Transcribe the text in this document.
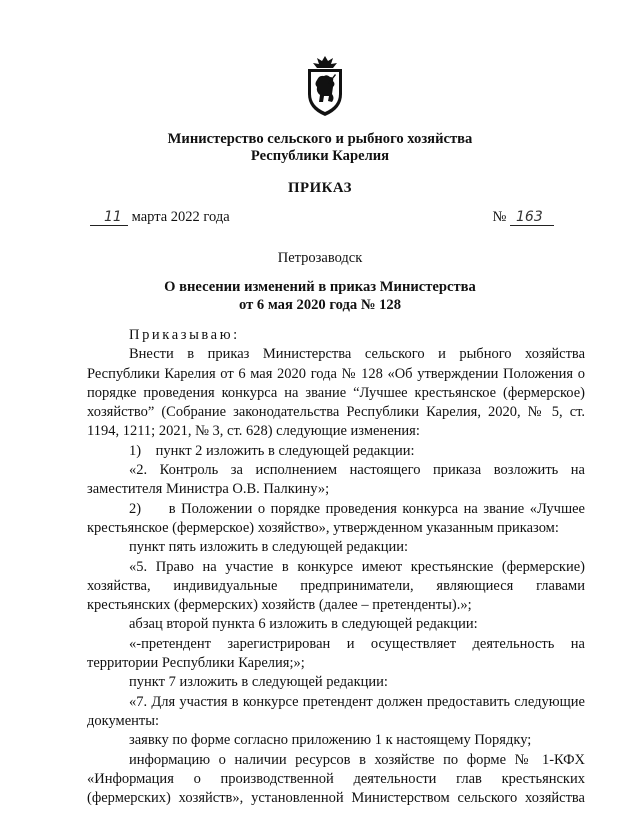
Министерство сельского и рыбного хозяйства
Республики Карелия
ПРИКАЗ
11 марта 2022 года	№ 163
Петрозаводск
О внесении изменений в приказ Министерства
от 6 мая 2020 года № 128

Приказываю:

Внести в приказ Министерства сельского и рыбного хозяйства Республики Карелия от 6 мая 2020 года № 128 «Об утверждении Положения о порядке проведения конкурса на звание “Лучшее крестьянское (фермерское) хозяйство” (Собрание законодательства Республики Карелия, 2020, № 5, ст. 1194, 1211; 2021, № 3, ст. 628) следующие изменения:

1)    пункт 2 изложить в следующей редакции:

«2. Контроль за исполнением настоящего приказа возложить на заместителя Министра О.В. Палкину»;

2)     в Положении о порядке проведения конкурса на звание «Лучшее крестьянское (фермерское) хозяйство», утвержденном указанным приказом:

пункт пять изложить в следующей редакции:

«5. Право на участие в конкурсе имеют крестьянские (фермерские) хозяйства, индивидуальные предприниматели, являющиеся главами крестьянских (фермерских) хозяйств (далее – претенденты).»;

абзац второй пункта 6 изложить в следующей редакции:

«-претендент зарегистрирован и осуществляет деятельность на территории Республики Карелия;»;

пункт 7 изложить в следующей редакции:

«7. Для участия в конкурсе претендент должен предоставить следующие документы:

заявку по форме согласно приложению 1 к настоящему Порядку;

информацию о наличии ресурсов в хозяйстве по форме № 1-КФХ «Информация о производственной деятельности глав крестьянских (фермерских) хозяйств», установленной Министерством сельского хозяйства
